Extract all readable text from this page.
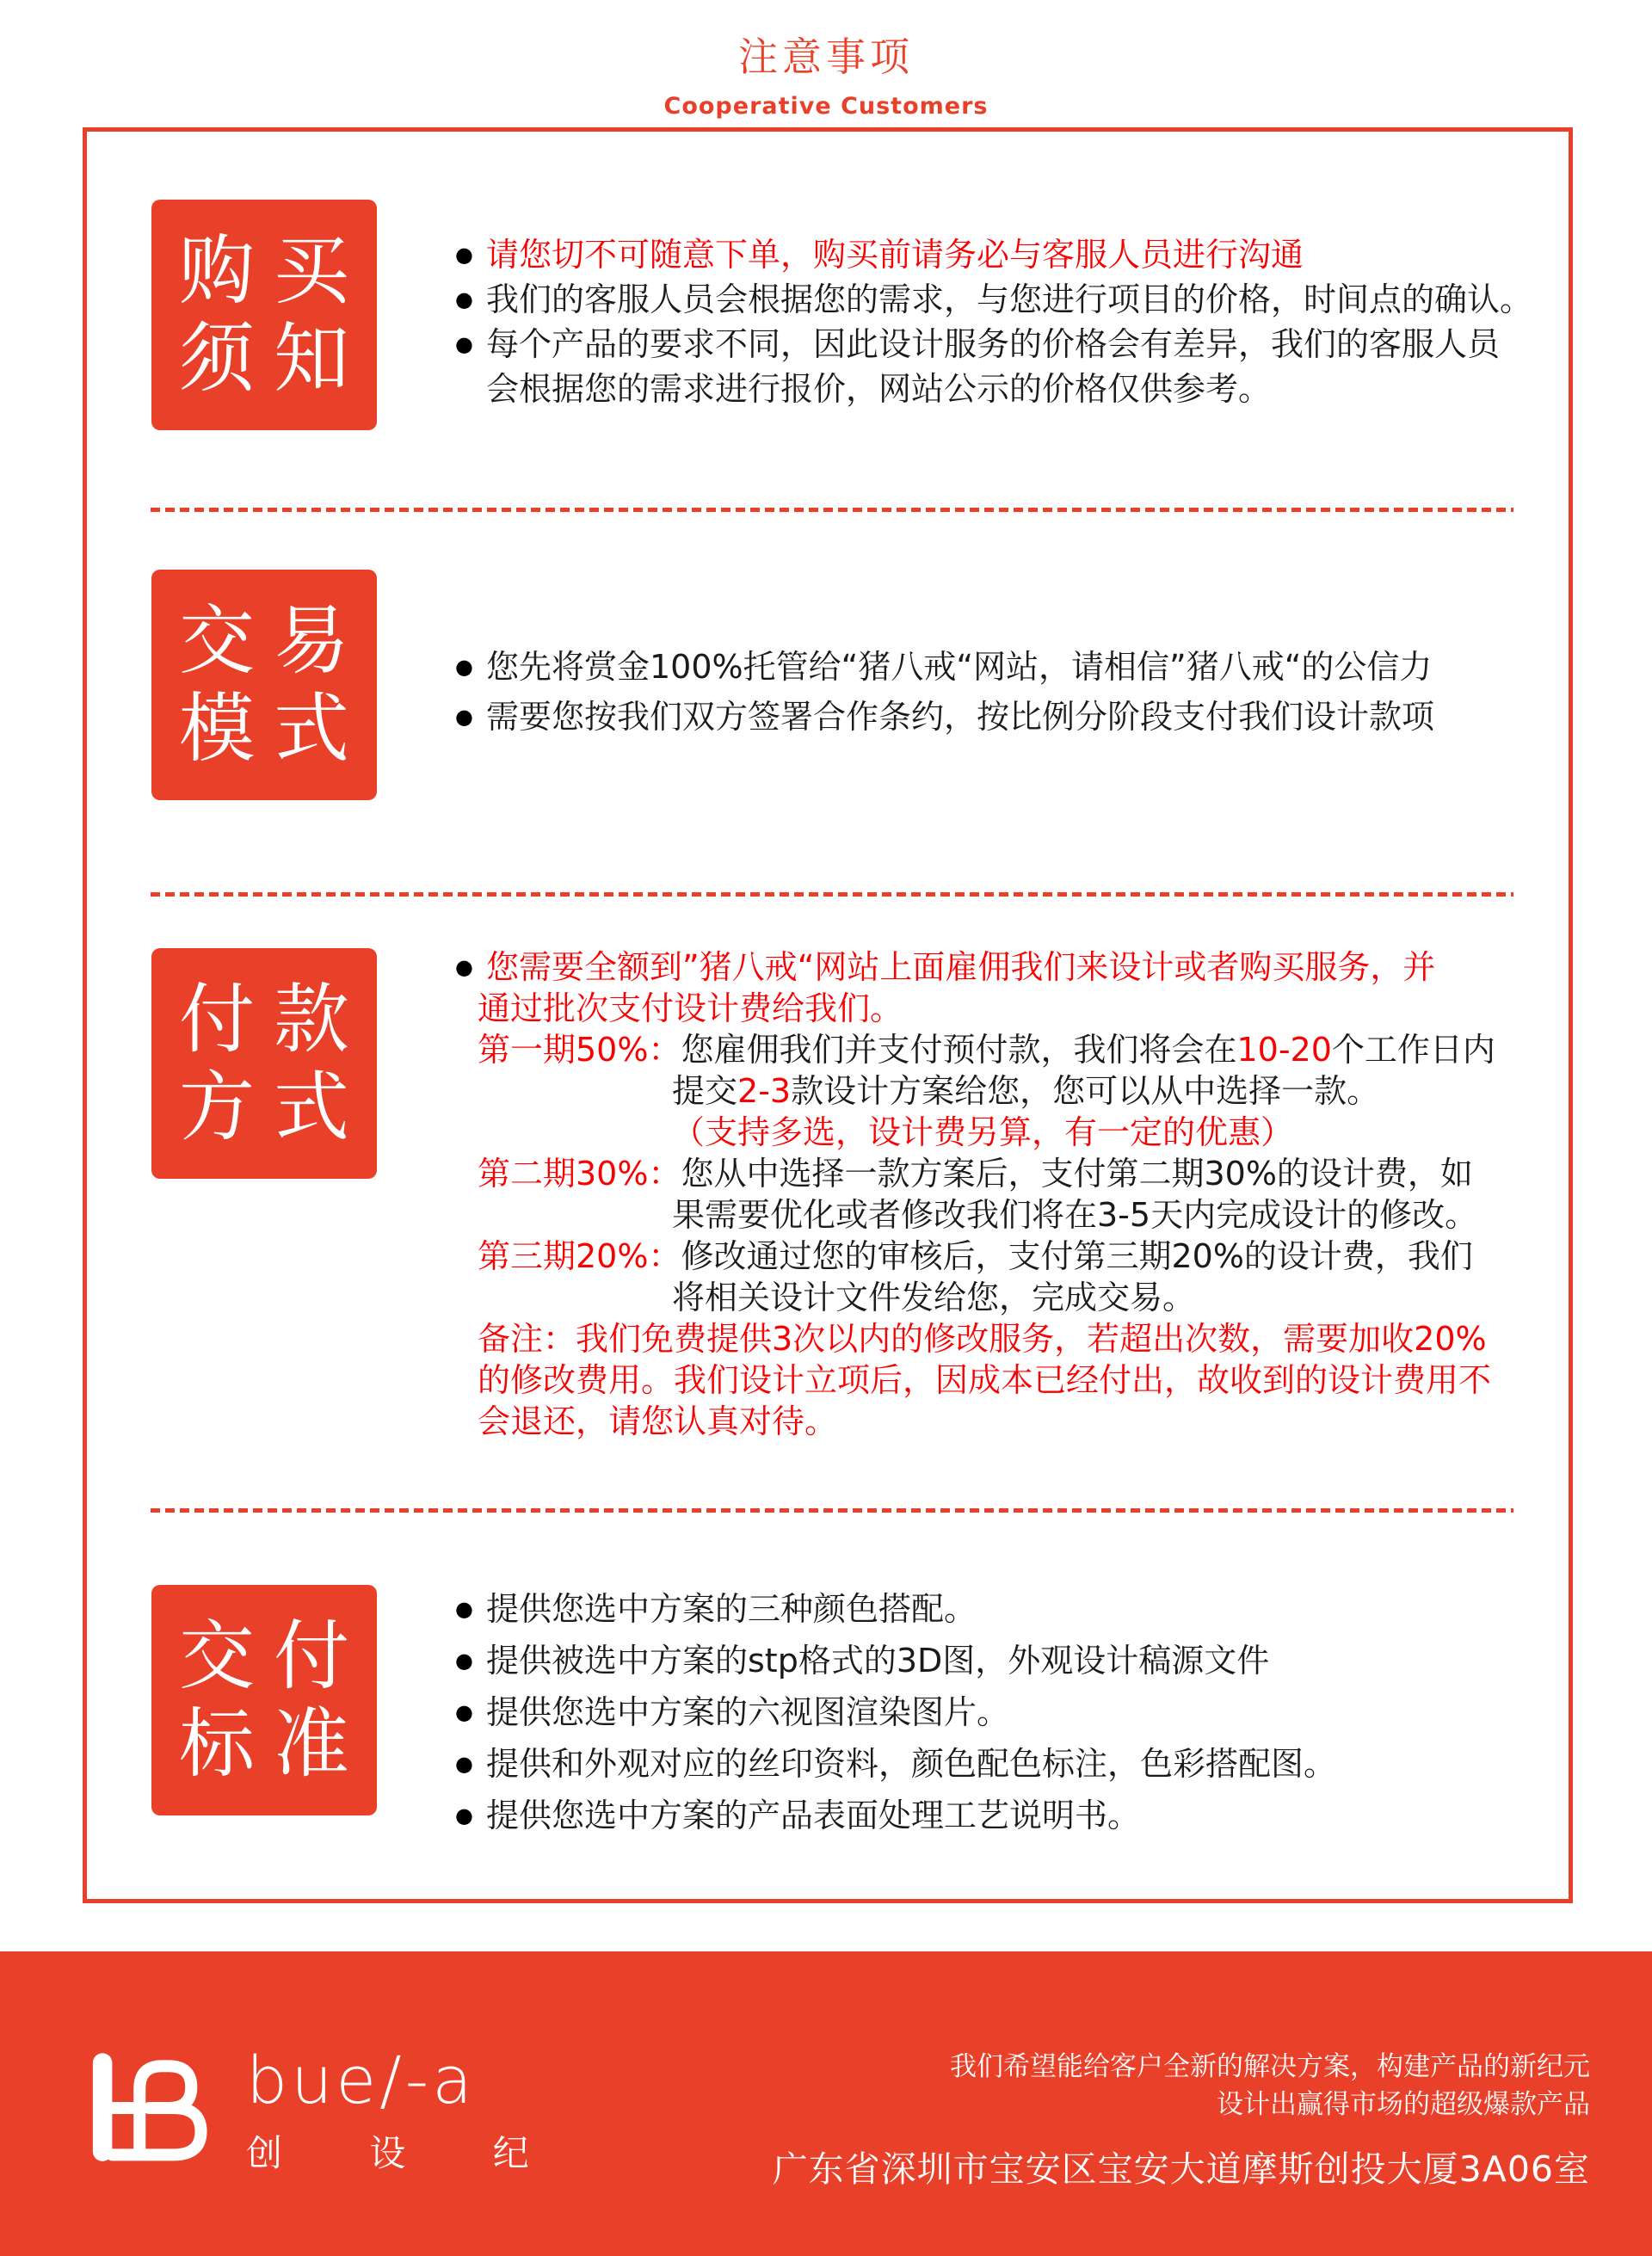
注意事项
Cooperative Customers
购买
须知
● 请您切不可随意下单，购买前请务必与客服人员进行沟通
● 我们的客服人员会根据您的需求，与您进行项目的价格，时间点的确认。
● 每个产品的要求不同，因此设计服务的价格会有差异，我们的客服人员
会根据您的需求进行报价，网站公示的价格仅供参考。
交易
模式
● 您先将赏金100%托管给“猪八戒“网站，请相信”猪八戒“的公信力
● 需要您按我们双方签署合作条约，按比例分阶段支付我们设计款项
付款
方式
● 您需要全额到”猪八戒“网站上面雇佣我们来设计或者购买服务，并
通过批次支付设计费给我们。
第一期50%：您雇佣我们并支付预付款，我们将会在10-20个工作日内
提交2-3款设计方案给您，您可以从中选择一款。
（支持多选，设计费另算，有一定的优惠）
第二期30%：您从中选择一款方案后，支付第二期30%的设计费，如
果需要优化或者修改我们将在3-5天内完成设计的修改。
第三期20%：修改通过您的审核后，支付第三期20%的设计费，我们
将相关设计文件发给您，完成交易。
备注：我们免费提供3次以内的修改服务，若超出次数，需要加收20%
的修改费用。我们设计立项后，因成本已经付出，故收到的设计费用不
会退还，请您认真对待。
交付
标准
● 提供您选中方案的三种颜色搭配。
● 提供被选中方案的stp格式的3D图，外观设计稿源文件
● 提供您选中方案的六视图渲染图片。
● 提供和外观对应的丝印资料，颜色配色标注，色彩搭配图。
● 提供您选中方案的产品表面处理工艺说明书。
bue/-a
创 设 纪
我们希望能给客户全新的解决方案，构建产品的新纪元
设计出赢得市场的超级爆款产品
广东省深圳市宝安区宝安大道摩斯创投大厦3A06室
